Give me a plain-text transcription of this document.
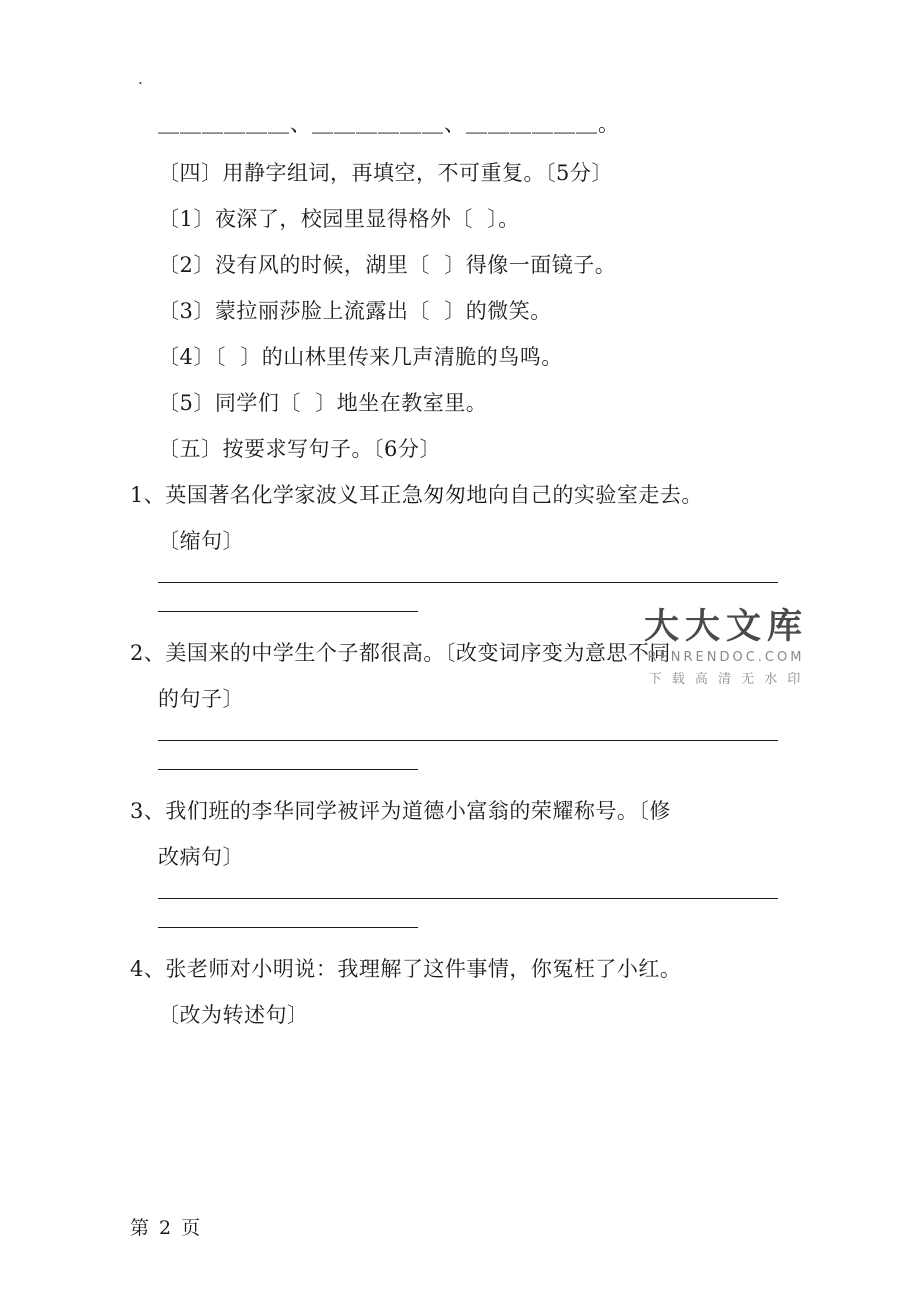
.
＿＿＿＿＿＿、＿＿＿＿＿＿、＿＿＿＿＿＿。
〔四〕用静字组词，再填空，不可重复。〔5分〕
〔1〕夜深了，校园里显得格外〔  〕。
〔2〕没有风的时候，湖里〔  〕得像一面镜子。
〔3〕蒙拉丽莎脸上流露出〔  〕的微笑。
〔4〕〔  〕的山林里传来几声清脆的鸟鸣。
〔5〕同学们〔  〕地坐在教室里。
〔五〕按要求写句子。〔6分〕
1、英国著名化学家波义耳正急匆匆地向自己的实验室走去。
〔缩句〕
2、美国来的中学生个子都很高。〔改变词序变为意思不同
的句子〕
3、我们班的李华同学被评为道德小富翁的荣耀称号。〔修
改病句〕
4、张老师对小明说：我理解了这件事情，你冤枉了小红。
〔改为转述句〕
大大文库
RENRENDOC.COM
下 载 高 清 无 水 印
第 2 页
